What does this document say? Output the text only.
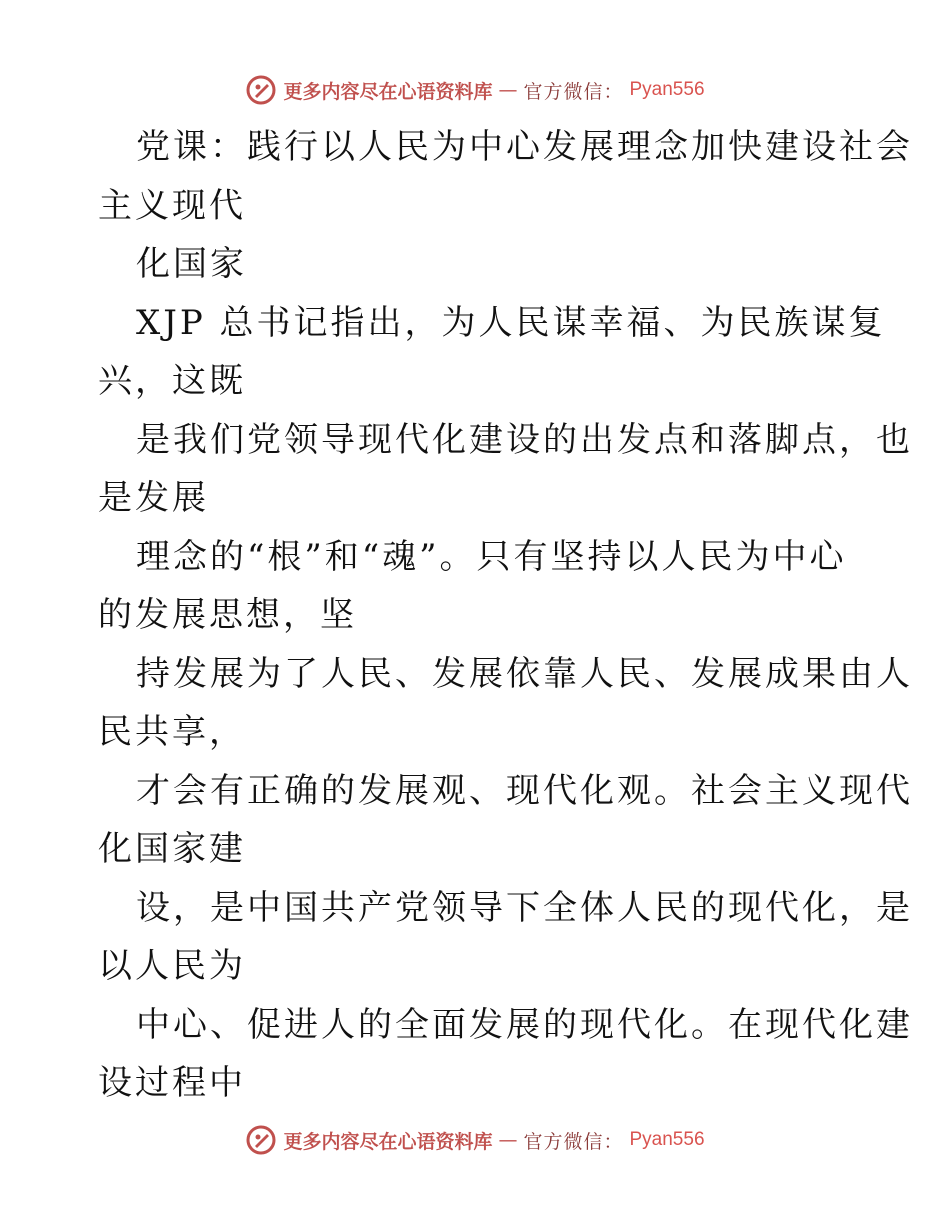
更多内容尽在心语资料库 — 官方微信： Pyan556
党课：践行以人民为中心发展理念加快建设社会
主义现代
化国家
XJP 总书记指出，为人民谋幸福、为民族谋复
兴，这既
是我们党领导现代化建设的出发点和落脚点，也
是发展
理念的“根”和“魂”。只有坚持以人民为中心
的发展思想，坚
持发展为了人民、发展依靠人民、发展成果由人
民共享，
才会有正确的发展观、现代化观。社会主义现代
化国家建
设，是中国共产党领导下全体人民的现代化，是
以人民为
中心、促进人的全面发展的现代化。在现代化建
设过程中
更多内容尽在心语资料库 — 官方微信： Pyan556
